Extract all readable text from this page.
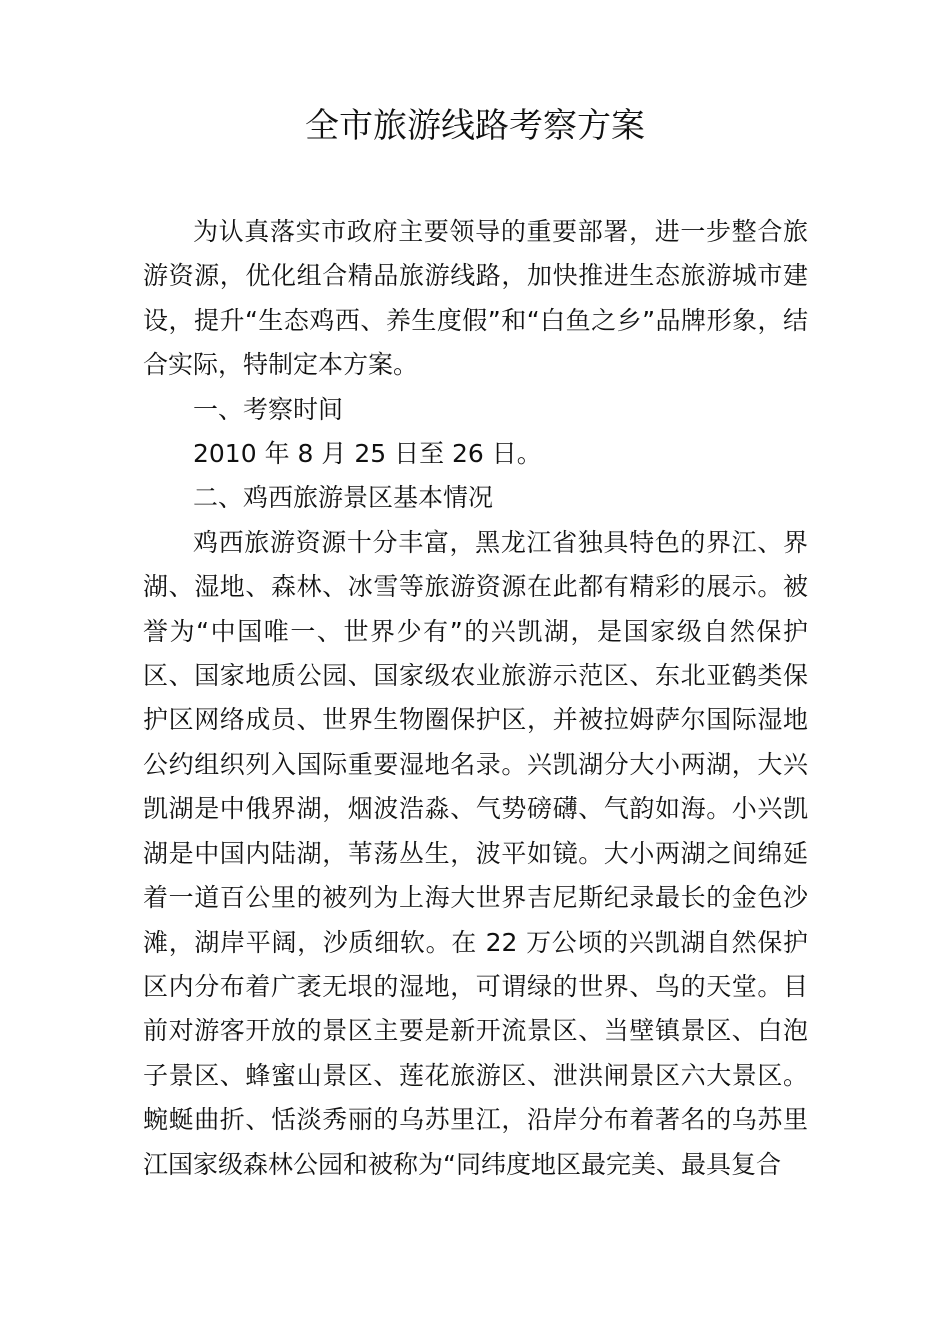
全市旅游线路考察方案

为认真落实市政府主要领导的重要部署，进一步整合旅游资源，优化组合精品旅游线路，加快推进生态旅游城市建设，提升“生态鸡西、养生度假”和“白鱼之乡”品牌形象，结合实际，特制定本方案。

一、考察时间

2010 年 8 月 25 日至 26 日。

二、鸡西旅游景区基本情况

鸡西旅游资源十分丰富，黑龙江省独具特色的界江、界湖、湿地、森林、冰雪等旅游资源在此都有精彩的展示。被誉为“中国唯一、世界少有”的兴凯湖，是国家级自然保护区、国家地质公园、国家级农业旅游示范区、东北亚鹤类保护区网络成员、世界生物圈保护区，并被拉姆萨尔国际湿地公约组织列入国际重要湿地名录。兴凯湖分大小两湖，大兴凯湖是中俄界湖，烟波浩淼、气势磅礴、气韵如海。小兴凯湖是中国内陆湖，苇荡丛生，波平如镜。大小两湖之间绵延着一道百公里的被列为上海大世界吉尼斯纪录最长的金色沙滩，湖岸平阔，沙质细软。在 22 万公顷的兴凯湖自然保护区内分布着广袤无垠的湿地，可谓绿的世界、鸟的天堂。目前对游客开放的景区主要是新开流景区、当壁镇景区、白泡子景区、蜂蜜山景区、莲花旅游区、泄洪闸景区六大景区。蜿蜒曲折、恬淡秀丽的乌苏里江，沿岸分布着著名的乌苏里江国家级森林公园和被称为“同纬度地区最完美、最具复合
